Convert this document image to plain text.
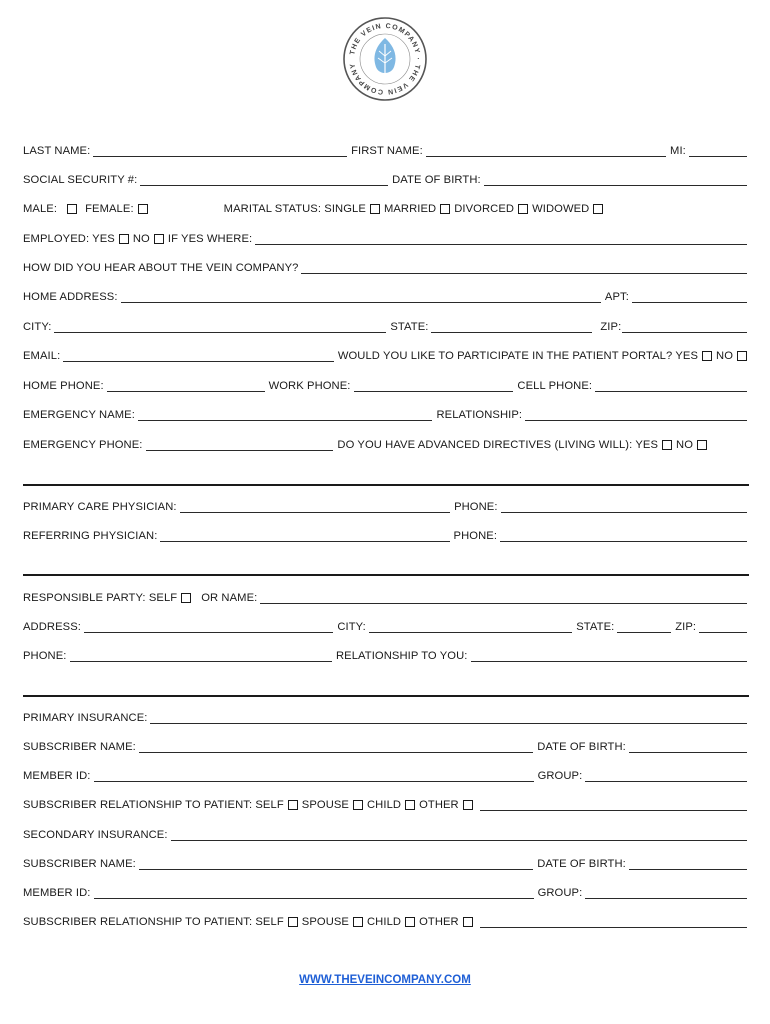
THE VEIN COMPANY · THE VEIN COMPANY
LAST NAME:	FIRST NAME:	MI:
SOCIAL SECURITY #:	DATE OF BIRTH:
MALE:	FEMALE:	MARITAL STATUS: SINGLE MARRIED DIVORCED WIDOWED
EMPLOYED: YES NO IF YES WHERE:
HOW DID YOU HEAR ABOUT THE VEIN COMPANY?
HOME ADDRESS:	APT:
CITY:	STATE:	ZIP:
EMAIL:	WOULD YOU LIKE TO PARTICIPATE IN THE PATIENT PORTAL? YES NO
HOME PHONE:	WORK PHONE:	CELL PHONE:
EMERGENCY NAME:	RELATIONSHIP:
EMERGENCY PHONE:	DO YOU HAVE ADVANCED DIRECTIVES (LIVING WILL): YES NO
PRIMARY CARE PHYSICIAN:	PHONE:
REFERRING PHYSICIAN:	PHONE:
RESPONSIBLE PARTY: SELF OR NAME:
ADDRESS:	CITY:	STATE:	ZIP:
PHONE:	RELATIONSHIP TO YOU:
PRIMARY INSURANCE:
SUBSCRIBER NAME:	DATE OF BIRTH:
MEMBER ID:	GROUP:
SUBSCRIBER RELATIONSHIP TO PATIENT: SELF SPOUSE CHILD OTHER
SECONDARY INSURANCE:
SUBSCRIBER NAME:	DATE OF BIRTH:
MEMBER ID:	GROUP:
SUBSCRIBER RELATIONSHIP TO PATIENT: SELF SPOUSE CHILD OTHER
WWW.THEVEINCOMPANY.COM
